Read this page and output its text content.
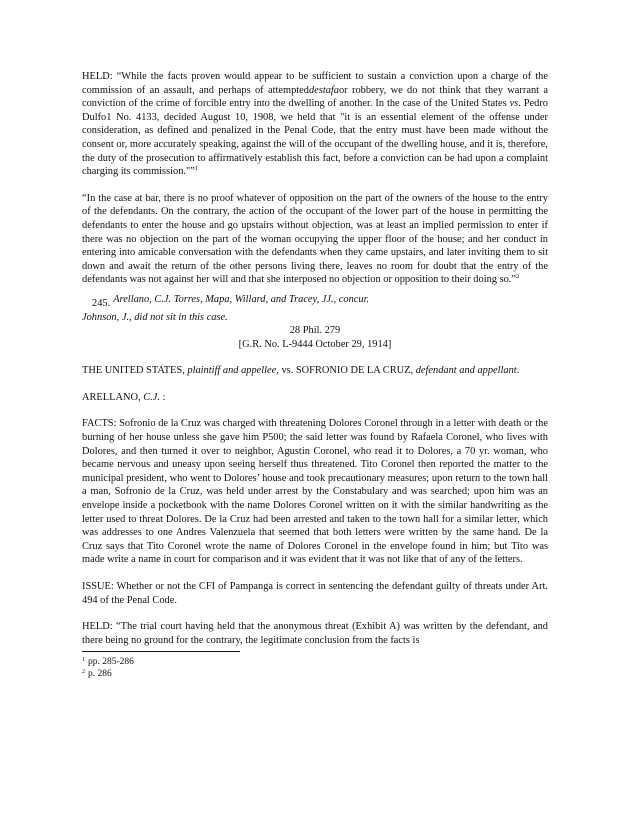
HELD: “While the facts proven would appear to be sufficient to sustain a conviction upon a charge of the commission of an assault, and perhaps of attempteddestafaor robbery, we do not think that they warrant a conviction of the crime of forcible entry into the dwelling of another. In the case of the United States vs. Pedro Dulfo1 No. 4133, decided August 10, 1908, we held that "it is an essential element of the offense under consideration, as defined and penalized in the Penal Code, that the entry must have been made without the consent or, more accurately speaking, against the will of the occupant of the dwelling house, and it is, therefore, the duty of the prosecution to affirmatively establish this fact, before a conviction can be had upon a complaint charging its commission."”$^1$

“In the case at bar, there is no proof whatever of opposition on the part of the owners of the house to the entry of the defendants. On the contrary, the action of the occupant of the lower part of the house in permitting the defendants to enter the house and go upstairs without objection, was at least an implied permission to enter if there was no objection on the part of the woman occupying the upper floor of the house; and her conduct in entering into amicable conversation with the defendants when they came upstairs, and later inviting them to sit down and await the return of the other persons living there, leaves no room for doubt that the entry of the defendants was not against her will and that she interposed no objection or opposition to their doing so.”$^2$

245. Arellano, C.J. Torres, Mapa, Willard, and Tracey, JJ., concur.

Johnson, J., did not sit in this case.

28 Phil. 279

[G.R. No. L-9444 October 29, 1914]

THE UNITED STATES, plaintiff and appellee, vs. SOFRONIO DE LA CRUZ, defendant and appellant.

ARELLANO, C.J. :

FACTS: Sofronio de la Cruz was charged with threatening Dolores Coronel through in a letter with death or the burning of her house unless she gave him P500; the said letter was found by Rafaela Coronel, who lives with Dolores, and then turned it over to neighbor, Agustin Coronel, who read it to Dolores, a 70 yr. woman, who became nervous and uneasy upon seeing herself thus threatened. Tito Coronel then reported the matter to the municipal president, who went to Dolores’ house and took precautionary measures; upon return to the town hall a man, Sofronio de la Cruz, was held under arrest by the Constabulary and was searched; upon him was an envelope inside a pocketbook with the name Dolores Coronel written on it with the similar handwriting as the letter used to threat Dolores. De la Cruz had been arrested and taken to the town hall for a similar letter, which was addresses to one Andres Valenzuela that seemed that both letters were written by the same hand. De la Cruz says that Tito Coronel wrote the name of Dolores Coronel in the envelope found in him; but Tito was made write a name in court for comparison and it was evident that it was not like that of any of the letters.

ISSUE: Whether or not the CFI of Pampanga is correct in sentencing the defendant guilty of threats under Art. 494 of the Penal Code.

HELD: “The trial court having held that the anonymous threat (Exhibit A) was written by the defendant, and there being no ground for the contrary, the legitimate conclusion from the facts is

$^1$ pp. 285-286

$^2$ p. 286
